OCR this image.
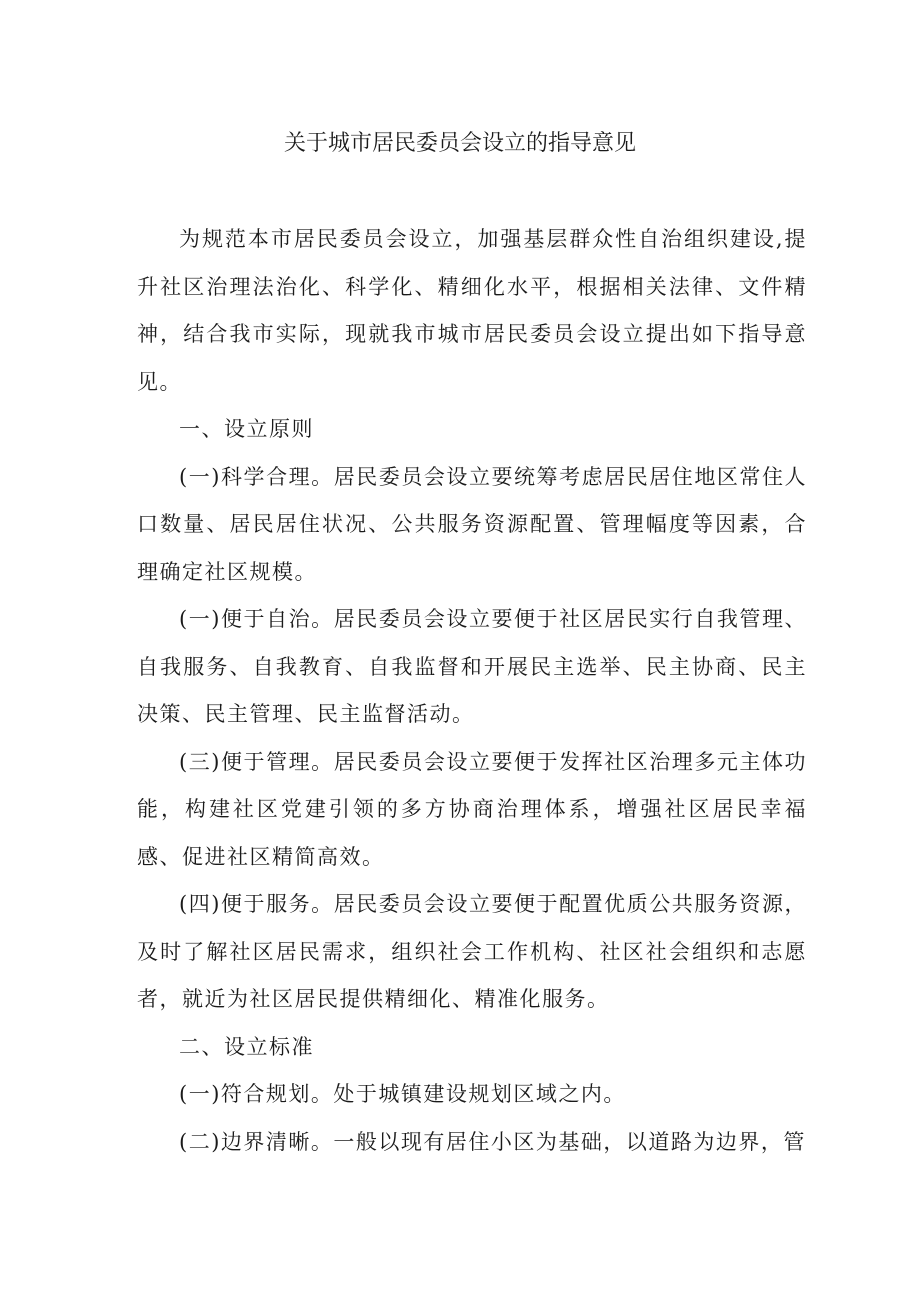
关于城市居民委员会设立的指导意见

为规范本市居民委员会设立，加强基层群众性自治组织建设,提升社区治理法治化、科学化、精细化水平，根据相关法律、文件精神，结合我市实际，现就我市城市居民委员会设立提出如下指导意见。

一、设立原则

(一)科学合理。居民委员会设立要统筹考虑居民居住地区常住人口数量、居民居住状况、公共服务资源配置、管理幅度等因素，合理确定社区规模。

(一)便于自治。居民委员会设立要便于社区居民实行自我管理、自我服务、自我教育、自我监督和开展民主选举、民主协商、民主决策、民主管理、民主监督活动。

(三)便于管理。居民委员会设立要便于发挥社区治理多元主体功能，构建社区党建引领的多方协商治理体系，增强社区居民幸福感、促进社区精简高效。

(四)便于服务。居民委员会设立要便于配置优质公共服务资源，及时了解社区居民需求，组织社会工作机构、社区社会组织和志愿者，就近为社区居民提供精细化、精准化服务。

二、设立标准

(一)符合规划。处于城镇建设规划区域之内。

(二)边界清晰。一般以现有居住小区为基础，以道路为边界，管
